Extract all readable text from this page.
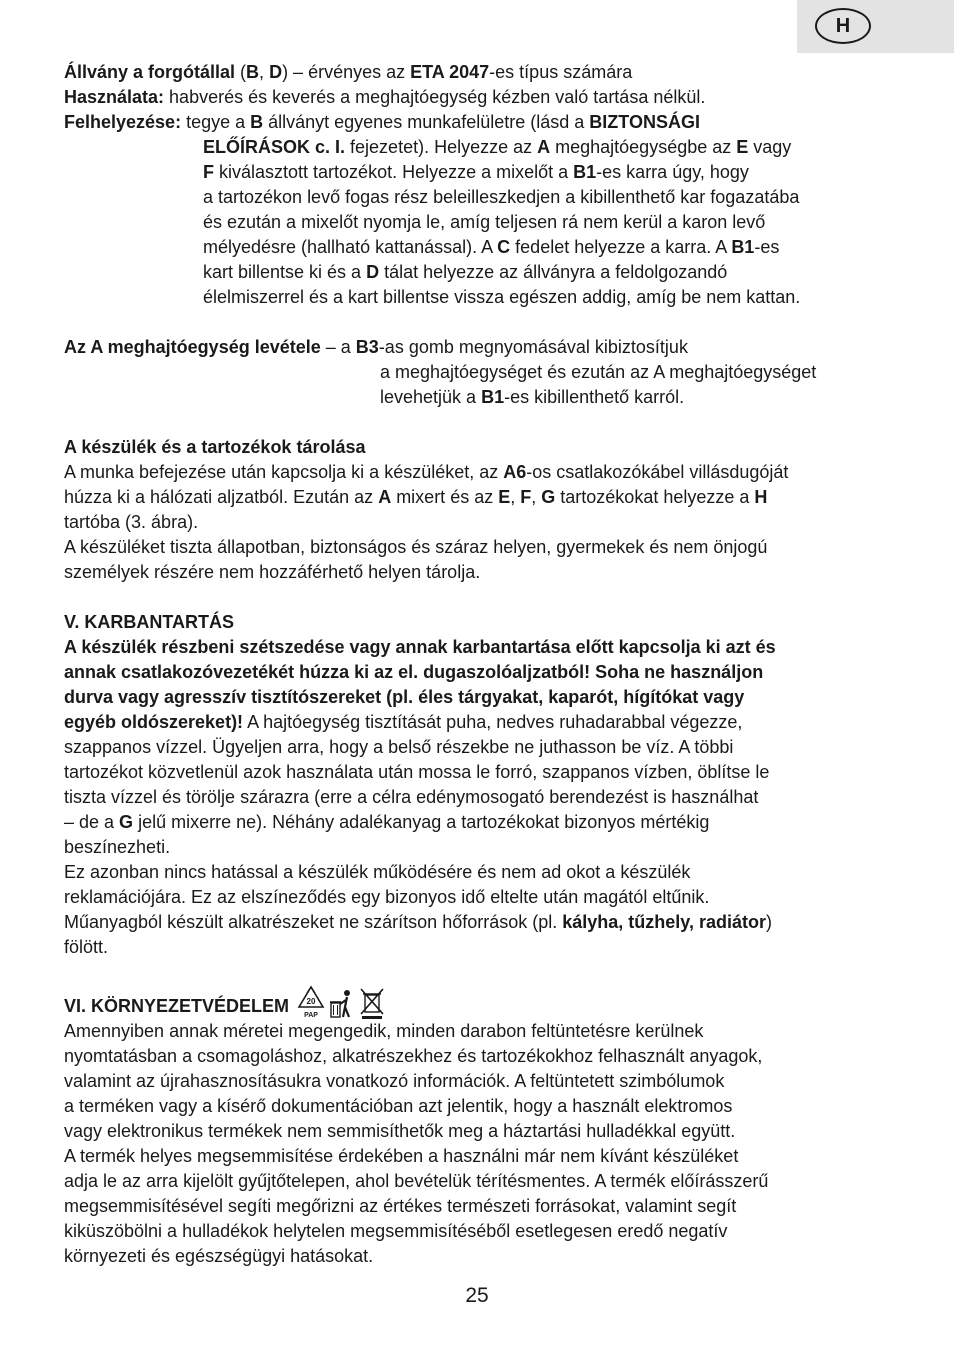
H

Állvány a forgótállal (B, D) – érvényes az ETA 2047-es típus számára

Használata: habverés és keverés a meghajtóegység kézben való tartása nélkül.

Felhelyezése: tegye a B állványt egyenes munkafelületre (lásd a BIZTONSÁGI

ELŐÍRÁSOK c. I. fejezetet). Helyezze az A meghajtóegységbe az E vagy

F kiválasztott tartozékot. Helyezze a mixelőt a B1-es karra úgy, hogy

a tartozékon levő fogas rész beleilleszkedjen a kibillenthető kar fogazatába

és ezután a mixelőt nyomja le, amíg teljesen rá nem kerül a karon levő

mélyedésre (hallható kattanással). A C fedelet helyezze a karra. A B1-es

kart billentse ki és a D tálat helyezze az állványra a feldolgozandó

élelmiszerrel és a kart billentse vissza egészen addig, amíg be nem kattan.

Az A meghajtóegység levétele – a B3-as gomb megnyomásával kibiztosítjuk

a meghajtóegységet és ezután az A meghajtóegységet

levehetjük a B1-es kibillenthető karról.

A készülék és a tartozékok tárolása

A munka befejezése után kapcsolja ki a készüléket, az A6-os csatlakozókábel villásdugóját

húzza ki a hálózati aljzatból. Ezután az A mixert és az E, F, G tartozékokat helyezze a H

tartóba (3. ábra).

A készüléket tiszta állapotban, biztonságos és száraz helyen, gyermekek és nem önjogú

személyek részére nem hozzáférhető helyen tárolja.

V. KARBANTARTÁS

A készülék részbeni szétszedése vagy annak karbantartása előtt kapcsolja ki azt és

annak csatlakozóvezetékét húzza ki az el. dugaszolóaljzatból! Soha ne használjon

durva vagy agresszív tisztítószereket (pl. éles tárgyakat, kaparót, hígítókat vagy

egyéb oldószereket)! A hajtóegység tisztítását puha, nedves ruhadarabbal végezze,

szappanos vízzel. Ügyeljen arra, hogy a belső részekbe ne juthasson be víz. A többi

tartozékot közvetlenül azok használata után mossa le forró, szappanos vízben, öblítse le

tiszta vízzel és törölje szárazra (erre a célra edénymosogató berendezést is használhat

– de a G jelű mixerre ne). Néhány adalékanyag a tartozékokat bizonyos mértékig

beszínezheti.

Ez azonban nincs hatással a készülék működésére és nem ad okot a készülék

reklamációjára. Ez az elszíneződés egy bizonyos idő eltelte után magától eltűnik.

Műanyagból készült alkatrészeket ne szárítson hőforrások (pl. kályha, tűzhely, radiátor)

fölött.

VI. KÖRNYEZETVÉDELEM 20
PAP

Amennyiben annak méretei megengedik, minden darabon feltüntetésre kerülnek

nyomtatásban a csomagoláshoz, alkatrészekhez és tartozékokhoz felhasznált anyagok,

valamint az újrahasznosításukra vonatkozó információk. A feltüntetett szimbólumok

a terméken vagy a kísérő dokumentációban azt jelentik, hogy a használt elektromos

vagy elektronikus termékek nem semmisíthetők meg a háztartási hulladékkal együtt.

A termék helyes megsemmisítése érdekében a használni már nem kívánt készüléket

adja le az arra kijelölt gyűjtőtelepen, ahol bevételük térítésmentes. A termék előírásszerű

megsemmisítésével segíti megőrizni az értékes természeti forrásokat, valamint segít

kiküszöbölni a hulladékok helytelen megsemmisítéséből esetlegesen eredő negatív

környezeti és egészségügyi hatásokat.

25
